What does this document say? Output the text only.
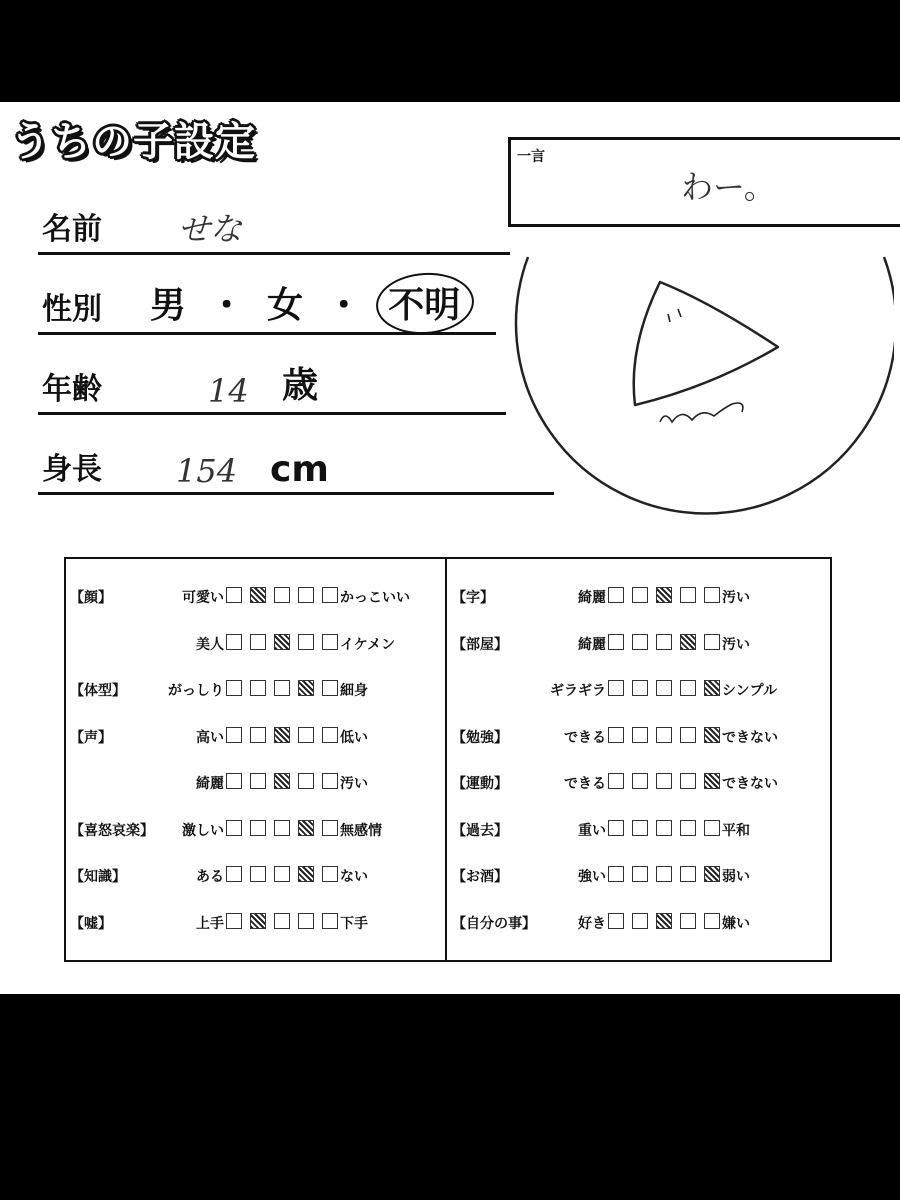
うちの子設定	一言
わー。
名前 せな
性別 男 ・ 女 ・ 不明
年齢	14 歳
身長 154 cm
【顔】	可愛い	かっこいい
美人	イケメン
【体型】	がっしり	細身
【声】	高い	低い
綺麗	汚い
【喜怒哀楽】 激しい	無感情
【知識】	ある	ない
【嘘】	上手	下手
【字】	綺麗	汚い
【部屋】	綺麗	汚い
ギラギラ	シンプル
【勉強】	できる	できない
【運動】	できる	できない
【過去】	重い	平和
【お酒】	強い	弱い
【自分の事】	好き	嫌い
